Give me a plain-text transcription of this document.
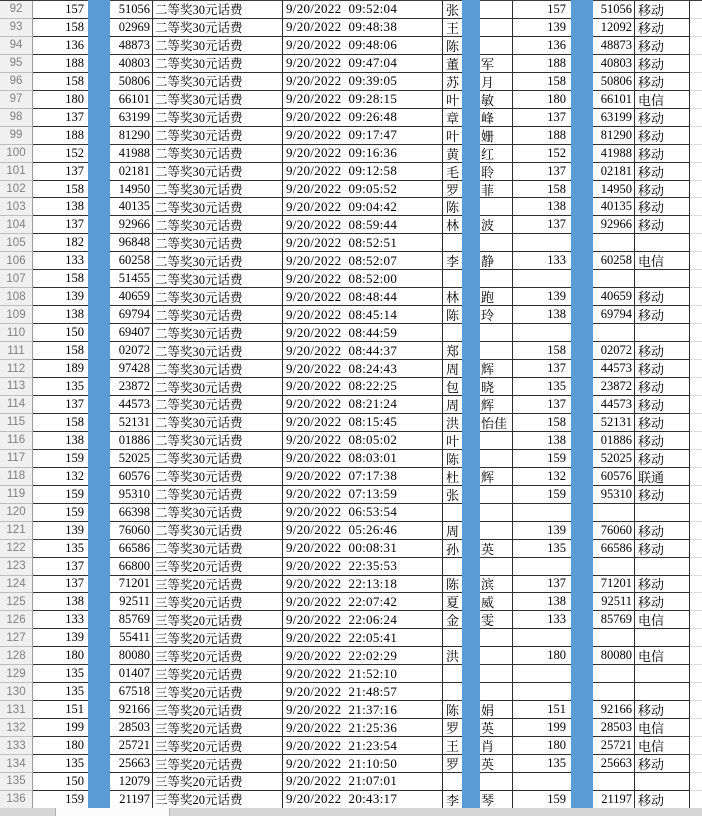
92	157	51056 二等奖30元话费	9/20/2022  09:52:04	张	157	51056 移动
93	158	02969 二等奖30元话费	9/20/2022  09:48:38	王	139	12092 移动
94	136	48873 二等奖30元话费	9/20/2022  09:48:06	陈	136	48873 移动
95	188	40803 二等奖30元话费	9/20/2022  09:47:04	董 军	188	40803 移动
96	158	50806 二等奖30元话费	9/20/2022  09:39:05	苏 月	158	50806 移动
97	180	66101 二等奖30元话费	9/20/2022  09:28:15	叶 敏	180	66101 电信
98	137	63199 二等奖30元话费	9/20/2022  09:26:48	章 峰	137	63199 移动
99	188	81290 二等奖30元话费	9/20/2022  09:17:47	叶 姗	188	81290 移动
100	152	41988 二等奖30元话费	9/20/2022  09:16:36	黄 红	152	41988 移动
101	137	02181 二等奖30元话费	9/20/2022  09:12:58	毛 聆	137	02181 移动
102	158	14950 二等奖30元话费	9/20/2022  09:05:52	罗 菲	158	14950 移动
103	138	40135 二等奖30元话费	9/20/2022  09:04:42	陈	138	40135 移动
104	137	92966 二等奖30元话费	9/20/2022  08:59:44	林 波	137	92966 移动
105	182	96848 二等奖30元话费	9/20/2022  08:52:51
106	133	60258 二等奖30元话费	9/20/2022  08:52:07	李 静	133	60258 电信
107	158	51455 二等奖30元话费	9/20/2022  08:52:00
108	139	40659 二等奖30元话费	9/20/2022  08:48:44	林 跑	139	40659 移动
109	138	69794 二等奖30元话费	9/20/2022  08:45:14	陈 玲	138	69794 移动
110	150	69407 二等奖30元话费	9/20/2022  08:44:59
111	158	02072 二等奖30元话费	9/20/2022  08:44:37	郑	158	02072 移动
112	189	97428 二等奖30元话费	9/20/2022  08:24:43	周 辉	137	44573 移动
113	135	23872 二等奖30元话费	9/20/2022  08:22:25	包 晓	135	23872 移动
114	137	44573 二等奖30元话费	9/20/2022  08:21:24	周 辉	137	44573 移动
115	158	52131 二等奖30元话费	9/20/2022  08:15:45	洪 怡佳	158	52131 移动
116	138	01886 二等奖30元话费	9/20/2022  08:05:02	叶	138	01886 移动
117	159	52025 二等奖30元话费	9/20/2022  08:03:01	陈	159	52025 移动
118	132	60576 二等奖30元话费	9/20/2022  07:17:38	杜 辉	132	60576 联通
119	159	95310 二等奖30元话费	9/20/2022  07:13:59	张	159	95310 移动
120	159	66398 二等奖30元话费	9/20/2022  06:53:54
121	139	76060 二等奖30元话费	9/20/2022  05:26:46	周	139	76060 移动
122	135	66586 二等奖30元话费	9/20/2022  00:08:31	孙 英	135	66586 移动
123	137	66800 三等奖20元话费	9/20/2022  22:35:53
124	137	71201 三等奖20元话费	9/20/2022  22:13:18	陈 滨	137	71201 移动
125	138	92511 三等奖20元话费	9/20/2022  22:07:42	夏 威	138	92511 移动
126	133	85769 三等奖20元话费	9/20/2022  22:06:24	金 雯	133	85769 电信
127	139	55411 三等奖20元话费	9/20/2022  22:05:41
128	180	80080 三等奖20元话费	9/20/2022  22:02:29	洪	180	80080 电信
129	135	01407 三等奖20元话费	9/20/2022  21:52:10
130	135	67518 三等奖20元话费	9/20/2022  21:48:57
131	151	92166 三等奖20元话费	9/20/2022  21:37:16	陈 娟	151	92166 移动
132	199	28503 三等奖20元话费	9/20/2022  21:25:36	罗 英	199	28503 电信
133	180	25721 三等奖20元话费	9/20/2022  21:23:54	王 肖	180	25721 电信
134	135	25663 三等奖20元话费	9/20/2022  21:10:50	罗 英	135	25663 移动
135	150	12079 三等奖20元话费	9/20/2022  21:07:01
136	159	21197 三等奖20元话费	9/20/2022  20:43:17	李 琴	159	21197 移动
